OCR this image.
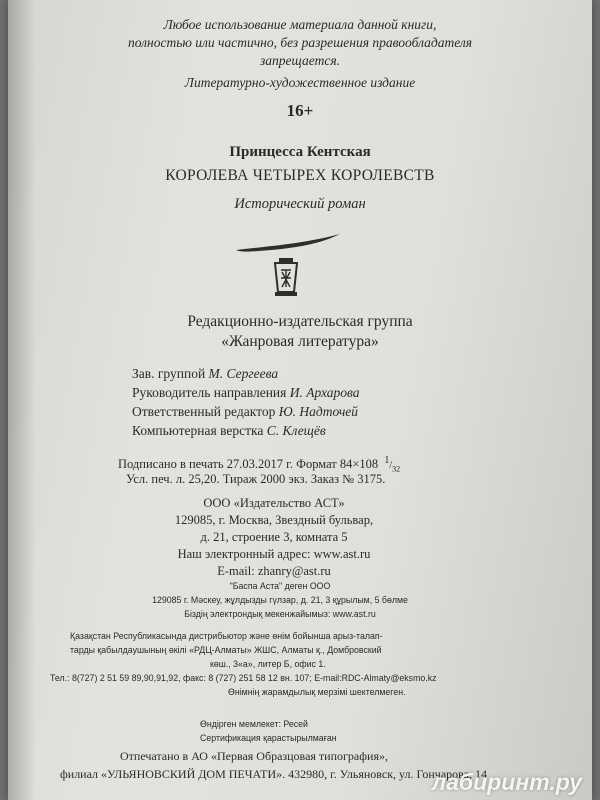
Любое использование материала данной книги,
полностью или частично, без разрешения правообладателя
запрещается.
Литературно-художественное издание
16+
Принцесса Кентская
КОРОЛЕВА ЧЕТЫРЕХ КОРОЛЕВСТВ
Исторический роман
Редакционно-издательская группа
«Жанровая литература»
Зав. группой М. Сергеева
Руководитель направления И. Архарова
Ответственный редактор Ю. Надточей
Компьютерная верстка С. Клещёв
Подписано в печать 27.03.2017 г. Формат 84×108 $^1/_{32}$
Усл. печ. л. 25,20. Тираж 2000 экз. Заказ № 3175.
ООО «Издательство АСТ»
129085, г. Москва, Звездный бульвар,
д. 21, строение 3, комната 5
Наш электронный адрес: www.ast.ru
E-mail: zhanry@ast.ru
"Баспа Аста" деген ООО
129085 г. Мәскеу, жұлдызды гүлзар, д. 21, 3 құрылым, 5 бөлме
Біздің электрондық мекенжайымыз: www.ast.ru
Қазақстан Республикасында дистрибьютор және өнім бойынша арыз-талап-
тарды қабылдаушының өкілі «РДЦ-Алматы» ЖШС, Алматы қ., Домбровский
көш., 3«а», литер Б, офис 1.
Тел.: 8(727) 2 51 59 89,90,91,92, факс: 8 (727) 251 58 12 вн. 107; E-mail:RDC-Almaty@eksmo.kz
Өнімнің жарамдылық мерзімі шектелмеген.
Өндірген мемлекет: Ресей
Сертификация қарастырылмаған
Отпечатано в АО «Первая Образцовая типография»,
филиал «УЛЬЯНОВСКИЙ ДОМ ПЕЧАТИ». 432980, г. Ульяновск, ул. Гончарова, 14
лабиринт.ру
